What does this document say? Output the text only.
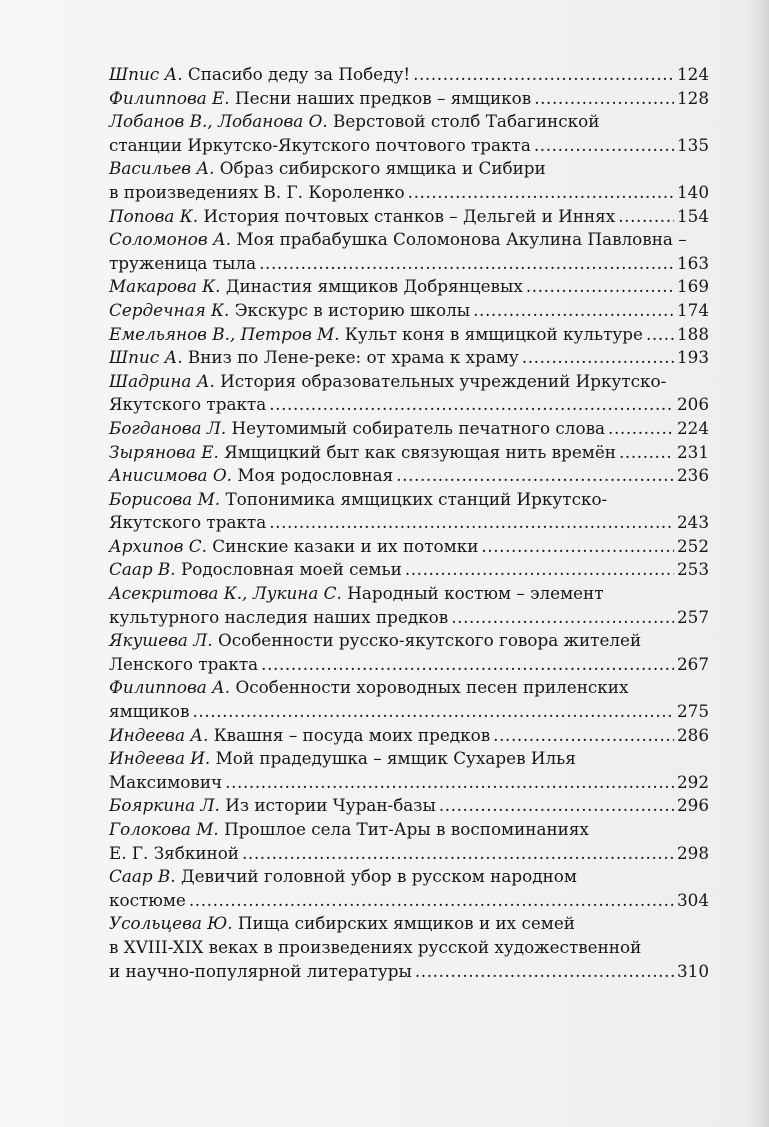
Шпис А. Спасибо деду за Победу! .....	124
Филиппова Е. Песни наших предков – ямщиков .....	128
Лобанов В., Лобанова О. Верстовой столб Табагинской
станции Иркутско-Якутского почтового тракта .....	135
Васильев А. Образ сибирского ямщика и Сибири
в произведениях В. Г. Короленко .....	140
Попова К. История почтовых станков – Дельгей и Иннях .....	154
Соломонов А. Моя прабабушка Соломонова Акулина Павловна –
труженица тыла .....	163
Макарова К. Династия ямщиков Добрянцевых .....	169
Сердечная К. Экскурс в историю школы .....	174
Емельянов В., Петров М. Культ коня в ямщицкой культуре ..... 188
Шпис А. Вниз по Лене-реке: от храма к храму .....	193
Шадрина А. История образовательных учреждений Иркутско-
Якутского тракта .....	206
Богданова Л. Неутомимый собиратель печатного слова .....	224
Зырянова Е. Ямщицкий быт как связующая нить времён .....	231
Анисимова О. Моя родословная .....	236
Борисова М. Топонимика ямщицких станций Иркутско-
Якутского тракта .....	243
Архипов С. Синские казаки и их потомки .....	252
Саар В. Родословная моей семьи .....	253
Асекритова К., Лукина С. Народный костюм – элемент
культурного наследия наших предков .....	257
Якушева Л. Особенности русско-якутского говора жителей
Ленского тракта .....	267
Филиппова А. Особенности хороводных песен приленских
ямщиков .....	275
Индеева А. Квашня – посуда моих предков .....	286
Индеева И. Мой прадедушка – ямщик Сухарев Илья
Максимович .....	292
Бояркина Л. Из истории Чуран-базы .....	296
Голокова М. Прошлое села Тит-Ары в воспоминаниях
Е. Г. Зябкиной .....	298
Саар В. Девичий головной убор в русском народном
костюме .....	304
Усольцева Ю. Пища сибирских ямщиков и их семей
в XVIII-XIX веках в произведениях русской художественной
и научно-популярной литературы .....	310
